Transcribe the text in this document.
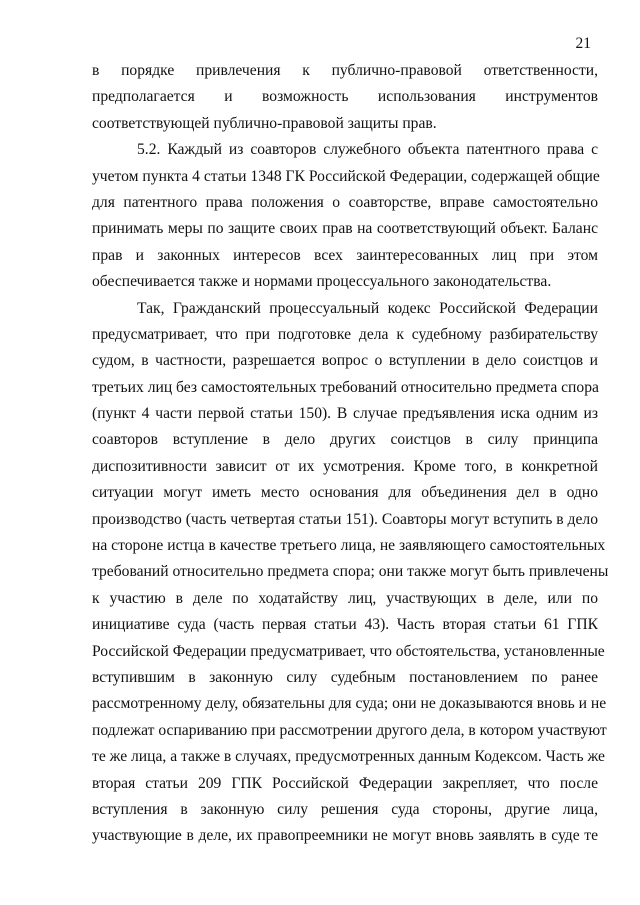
21
в порядке привлечения к публично-правовой ответственности,
предполагается и возможность использования инструментов
соответствующей публично-правовой защиты прав.
5.2. Каждый из соавторов служебного объекта патентного права с
учетом пункта 4 статьи 1348 ГК Российской Федерации, содержащей общие
для патентного права положения о соавторстве, вправе самостоятельно
принимать меры по защите своих прав на соответствующий объект. Баланс
прав и законных интересов всех заинтересованных лиц при этом
обеспечивается также и нормами процессуального законодательства.
Так, Гражданский процессуальный кодекс Российской Федерации
предусматривает, что при подготовке дела к судебному разбирательству
судом, в частности, разрешается вопрос о вступлении в дело соистцов и
третьих лиц без самостоятельных требований относительно предмета спора
(пункт 4 части первой статьи 150). В случае предъявления иска одним из
соавторов вступление в дело других соистцов в силу принципа
диспозитивности зависит от их усмотрения. Кроме того, в конкретной
ситуации могут иметь место основания для объединения дел в одно
производство (часть четвертая статьи 151). Соавторы могут вступить в дело
на стороне истца в качестве третьего лица, не заявляющего самостоятельных
требований относительно предмета спора; они также могут быть привлечены
к участию в деле по ходатайству лиц, участвующих в деле, или по
инициативе суда (часть первая статьи 43). Часть вторая статьи 61 ГПК
Российской Федерации предусматривает, что обстоятельства, установленные
вступившим в законную силу судебным постановлением по ранее
рассмотренному делу, обязательны для суда; они не доказываются вновь и не
подлежат оспариванию при рассмотрении другого дела, в котором участвуют
те же лица, а также в случаях, предусмотренных данным Кодексом. Часть же
вторая статьи 209 ГПК Российской Федерации закрепляет, что после
вступления в законную силу решения суда стороны, другие лица,
участвующие в деле, их правопреемники не могут вновь заявлять в суде те
